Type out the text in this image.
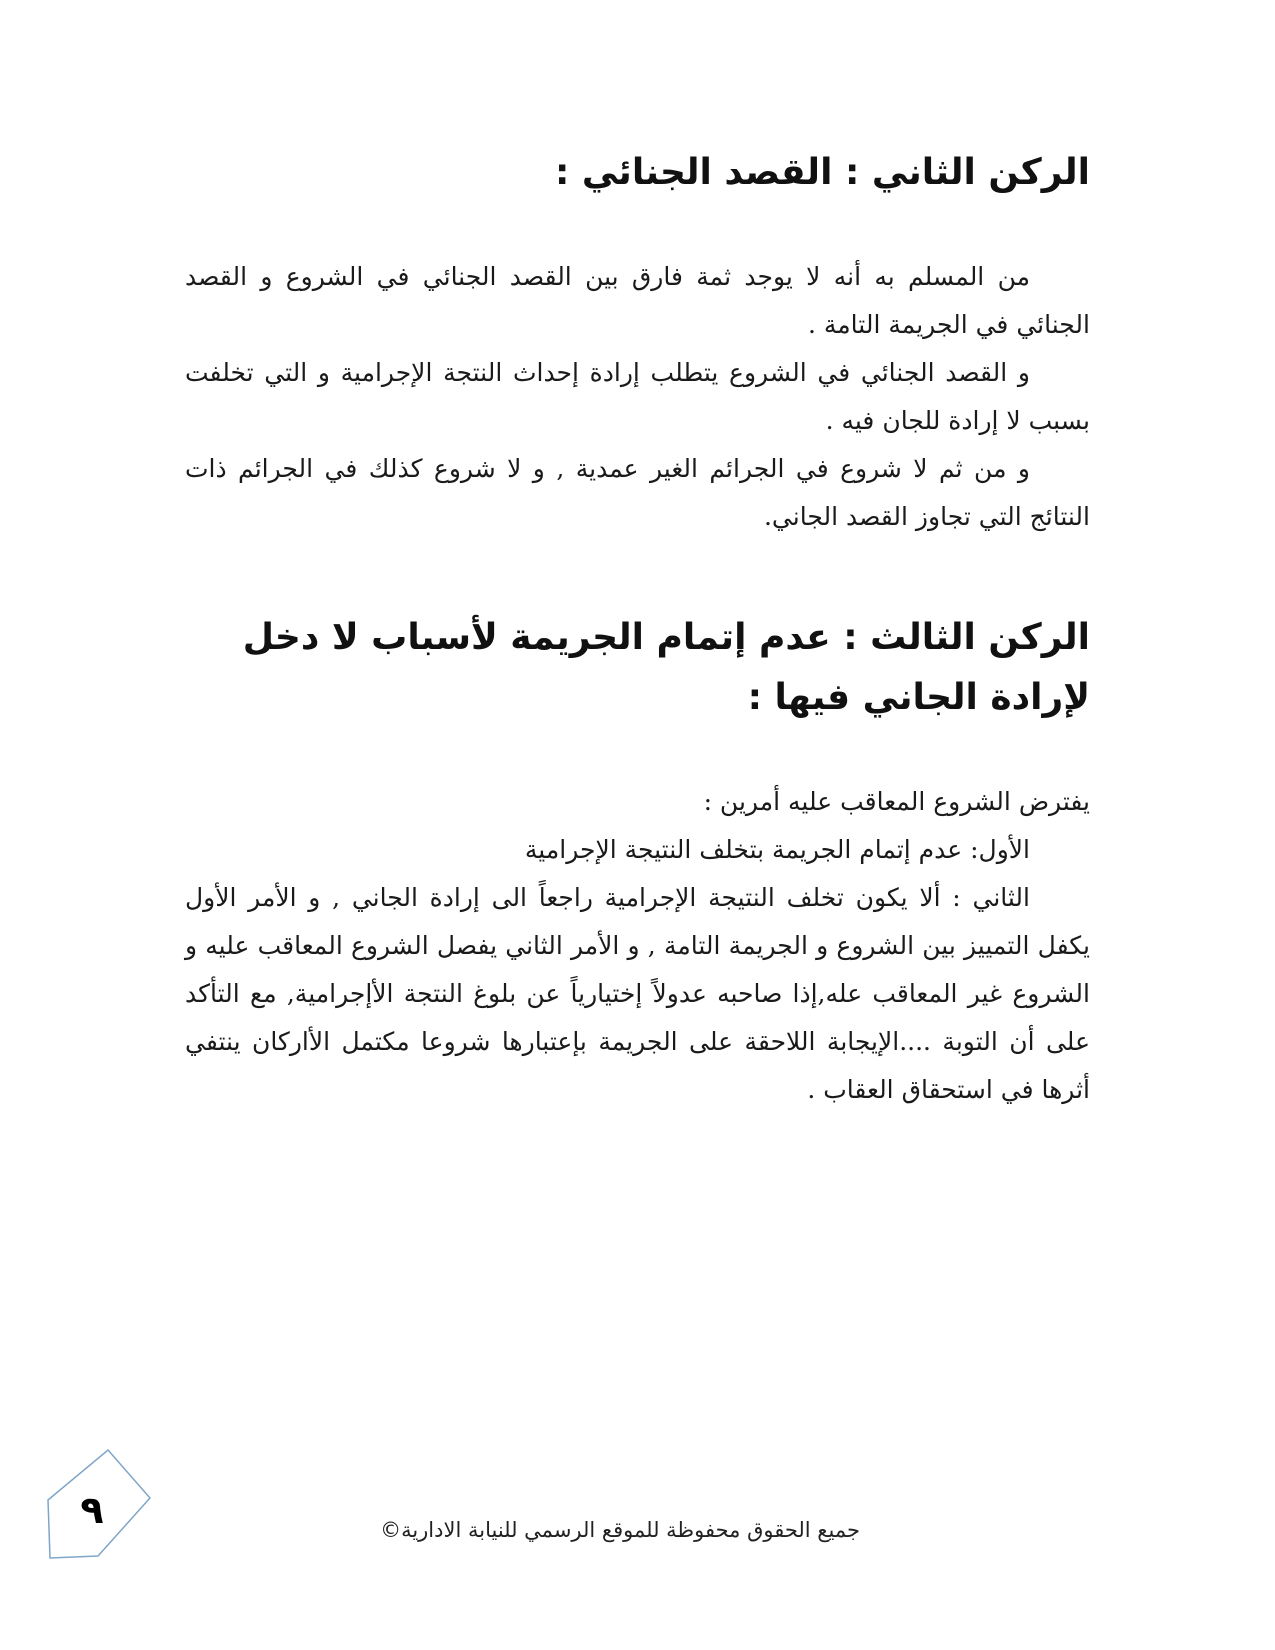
الركن الثاني : القصد الجنائي :

من المسلم به أنه لا يوجد ثمة فارق بين القصد الجنائي في الشروع و القصد الجنائي في الجريمة التامة .

و القصد الجنائي في الشروع يتطلب إرادة إحداث النتجة الإجرامية و التي تخلفت بسبب لا إرادة للجان فيه .

و من ثم لا شروع في الجرائم الغير عمدية , و لا شروع كذلك في الجرائم ذات النتائج التي تجاوز القصد الجاني.

الركن الثالث : عدم إتمام الجريمة لأسباب لا دخل لإرادة الجاني فيها :

يفترض الشروع المعاقب عليه أمرين :

الأول: عدم إتمام الجريمة بتخلف النتيجة الإجرامية

الثاني : ألا يكون تخلف النتيجة الإجرامية راجعاً الى إرادة الجاني , و الأمر الأول يكفل التمييز بين الشروع و الجريمة التامة , و الأمر الثاني يفصل الشروع المعاقب عليه و الشروع غير المعاقب عله,إذا صاحبه عدولاً إختيارياً عن بلوغ النتجة الأإجرامية, مع التأكد على أن التوبة ....الإيجابة اللاحقة على الجريمة بإعتبارها شروعا مكتمل الأاركان ينتفي أثرها في استحقاق العقاب .

٩	جميع الحقوق محفوظة للموقع الرسمي للنيابة الادارية©
